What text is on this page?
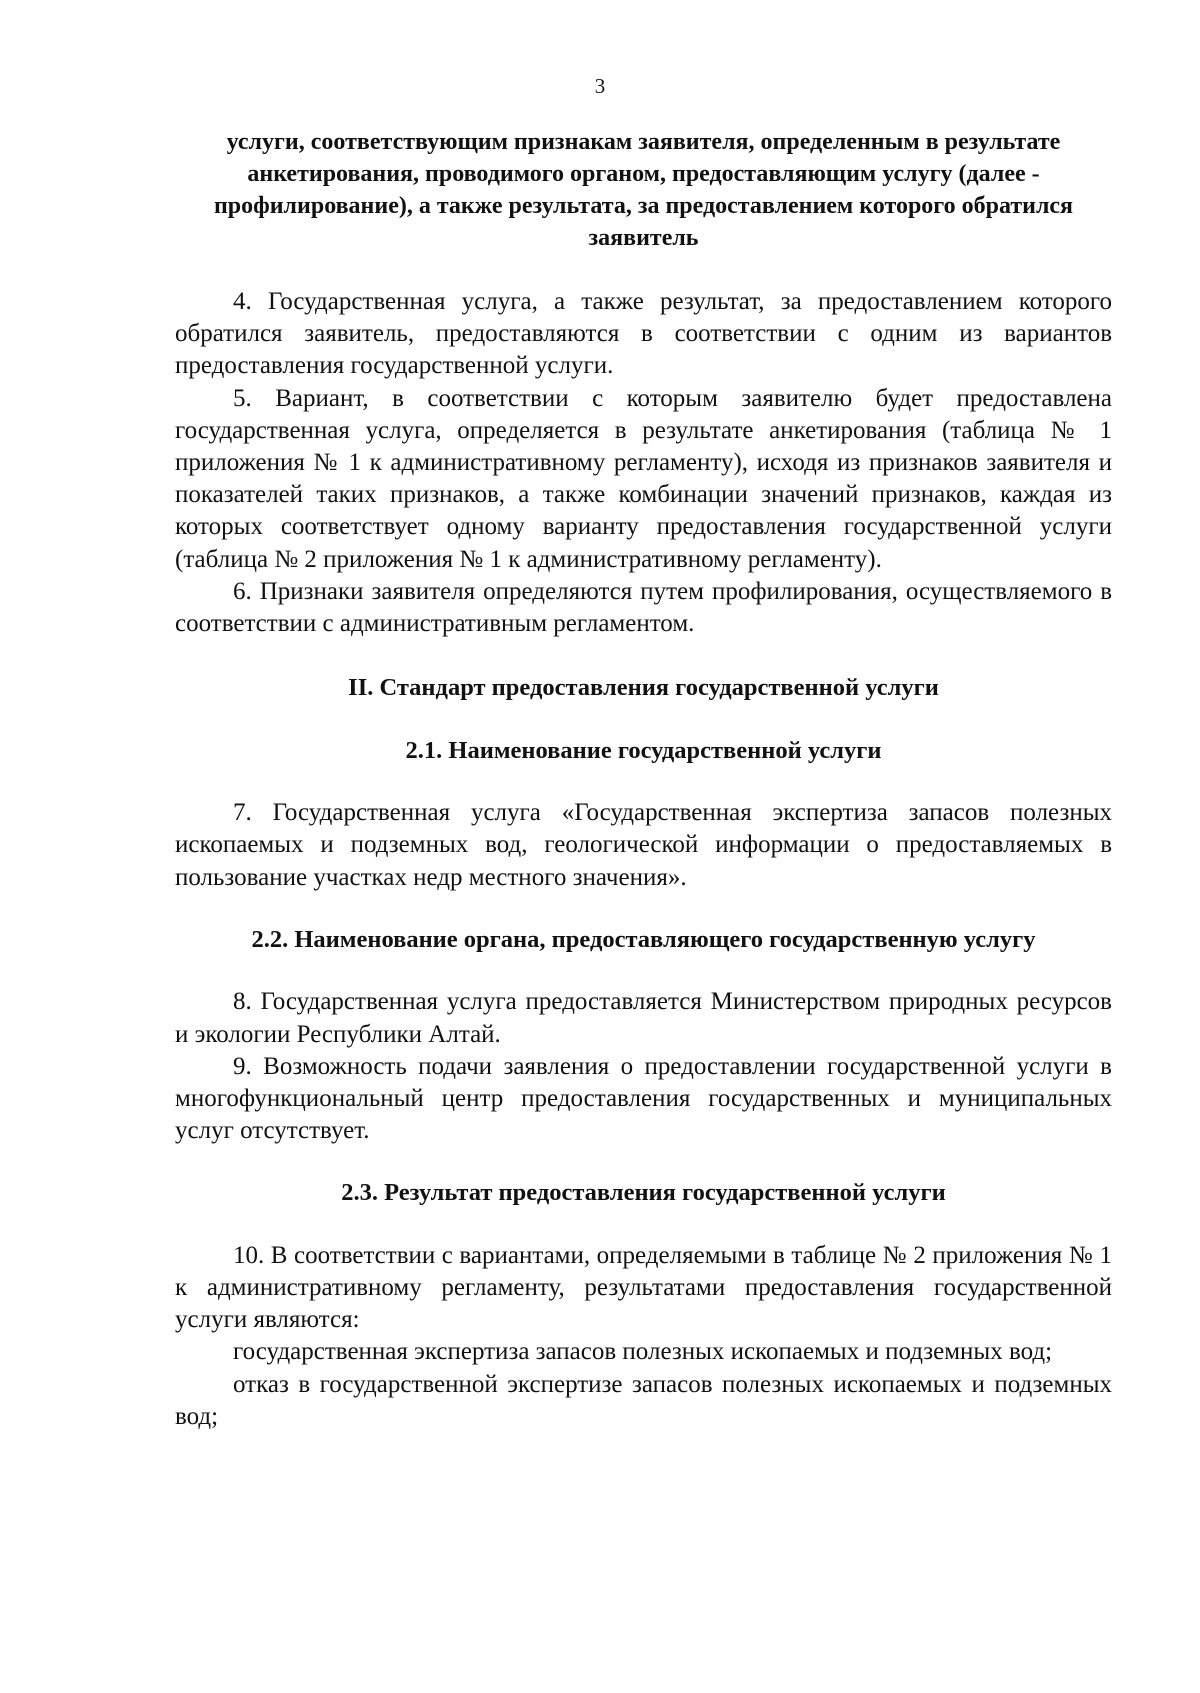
3

услуги, соответствующим признакам заявителя, определенным в результате анкетирования, проводимого органом, предоставляющим услугу (далее - профилирование), а также результата, за предоставлением которого обратился заявитель

4. Государственная услуга, а также результат, за предоставлением которого обратился заявитель, предоставляются в соответствии с одним из вариантов предоставления государственной услуги.

5. Вариант, в соответствии с которым заявителю будет предоставлена государственная услуга, определяется в результате анкетирования (таблица № 1 приложения № 1 к административному регламенту), исходя из признаков заявителя и показателей таких признаков, а также комбинации значений признаков, каждая из которых соответствует одному варианту предоставления государственной услуги (таблица № 2 приложения № 1 к административному регламенту).

6. Признаки заявителя определяются путем профилирования, осуществляемого в соответствии с административным регламентом.

II. Стандарт предоставления государственной услуги

2.1. Наименование государственной услуги

7. Государственная услуга «Государственная экспертиза запасов полезных ископаемых и подземных вод, геологической информации о предоставляемых в пользование участках недр местного значения».

2.2. Наименование органа, предоставляющего государственную услугу

8. Государственная услуга предоставляется Министерством природных ресурсов и экологии Республики Алтай.

9. Возможность подачи заявления о предоставлении государственной услуги в многофункциональный центр предоставления государственных и муниципальных услуг отсутствует.

2.3. Результат предоставления государственной услуги

10. В соответствии с вариантами, определяемыми в таблице № 2 приложения № 1 к административному регламенту, результатами предоставления государственной услуги являются:

государственная экспертиза запасов полезных ископаемых и подземных вод;

отказ в государственной экспертизе запасов полезных ископаемых и подземных вод;
